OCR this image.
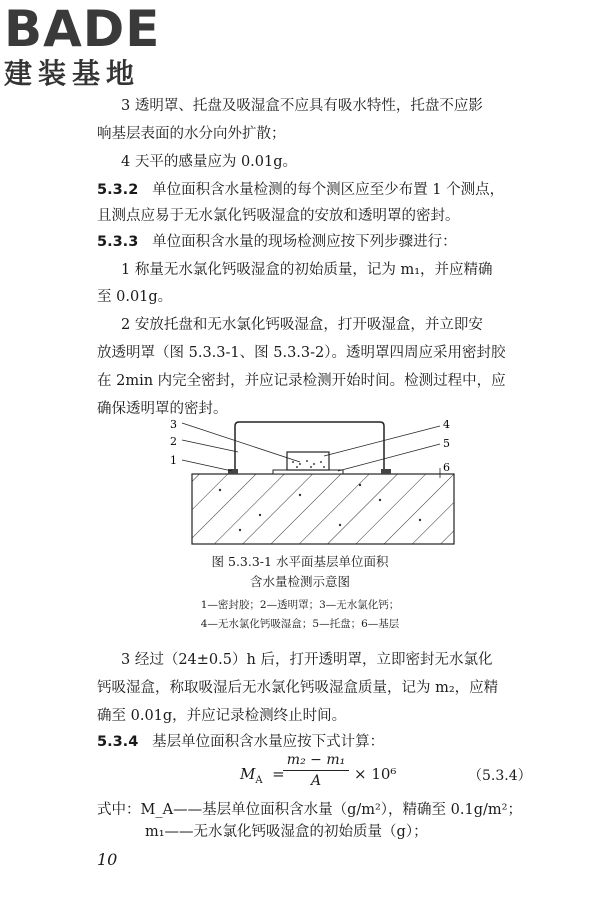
BADE
建装基地
3 透明罩、托盘及吸湿盒不应具有吸水特性，托盘不应影
响基层表面的水分向外扩散；
4 天平的感量应为 0.01g。
5.3.2 单位面积含水量检测的每个测区应至少布置 1 个测点，
且测点应易于无水氯化钙吸湿盒的安放和透明罩的密封。
5.3.3 单位面积含水量的现场检测应按下列步骤进行：
1 称量无水氯化钙吸湿盒的初始质量，记为 m₁，并应精确
至 0.01g。
2 安放托盘和无水氯化钙吸湿盒，打开吸湿盒，并立即安
放透明罩（图 5.3.3-1、图 5.3.3-2）。透明罩四周应采用密封胶
在 2min 内完全密封，并应记录检测开始时间。检测过程中，应
确保透明罩的密封。
3
2
1
4
5
6
图 5.3.3-1 水平面基层单位面积
含水量检测示意图
1—密封胶；2—透明罩；3—无水氯化钙；
4—无水氯化钙吸湿盒；5—托盘；6—基层
3 经过（24±0.5）h 后，打开透明罩，立即密封无水氯化
钙吸湿盒，称取吸湿后无水氯化钙吸湿盒质量，记为 m₂，应精
确至 0.01g，并应记录检测终止时间。
5.3.4 基层单位面积含水量应按下式计算：
$M_A$  =
m₂ − m₁
A	× 10⁶	（5.3.4）
式中：M_A——基层单位面积含水量（g/m²），精确至 0.1g/m²；
m₁——无水氯化钙吸湿盒的初始质量（g）；
10
